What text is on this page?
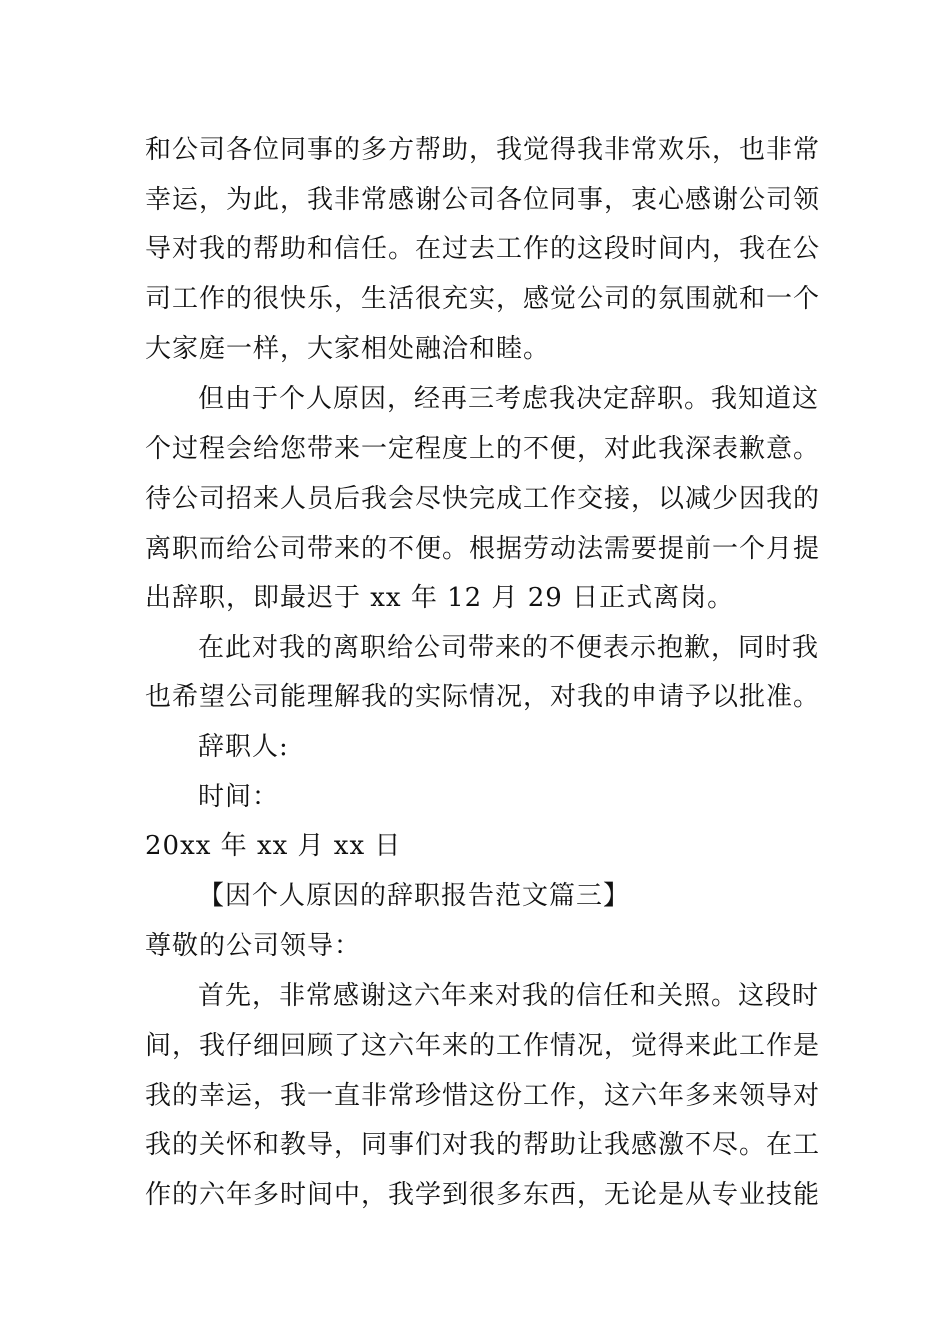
和公司各位同事的多方帮助，我觉得我非常欢乐，也非常
幸运，为此，我非常感谢公司各位同事，衷心感谢公司领
导对我的帮助和信任。在过去工作的这段时间内，我在公
司工作的很快乐，生活很充实，感觉公司的氛围就和一个
大家庭一样，大家相处融洽和睦。
但由于个人原因，经再三考虑我决定辞职。我知道这
个过程会给您带来一定程度上的不便，对此我深表歉意。
待公司招来人员后我会尽快完成工作交接，以减少因我的
离职而给公司带来的不便。根据劳动法需要提前一个月提
出辞职，即最迟于 xx 年 12 月 29 日正式离岗。
在此对我的离职给公司带来的不便表示抱歉，同时我
也希望公司能理解我的实际情况，对我的申请予以批准。
辞职人:
时间：
20xx 年 xx 月 xx 日
【因个人原因的辞职报告范文篇三】
尊敬的公司领导：
首先，非常感谢这六年来对我的信任和关照。这段时
间，我仔细回顾了这六年来的工作情况，觉得来此工作是
我的幸运，我一直非常珍惜这份工作，这六年多来领导对
我的关怀和教导，同事们对我的帮助让我感激不尽。在工
作的六年多时间中，我学到很多东西，无论是从专业技能
